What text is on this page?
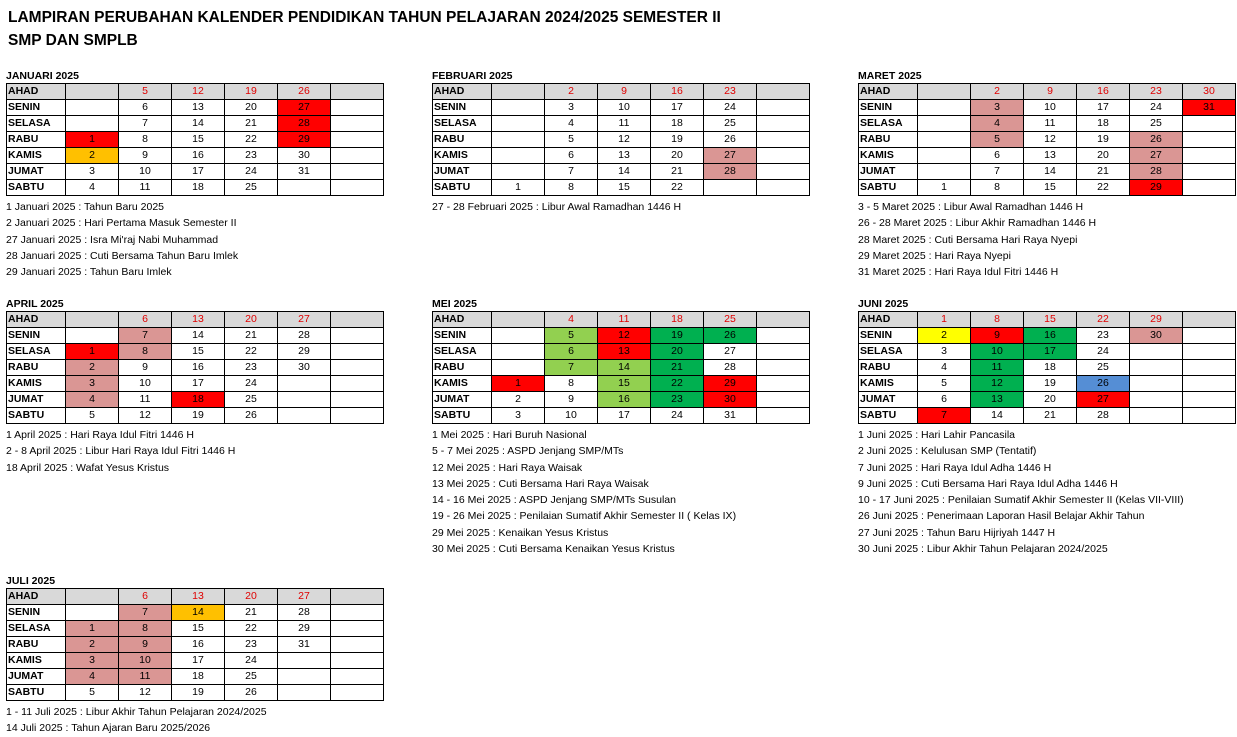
LAMPIRAN PERUBAHAN KALENDER PENDIDIKAN TAHUN PELAJARAN 2024/2025 SEMESTER II
SMP DAN SMPLB
JANUARI 2025
AHAD		5	12	19	26	
SENIN		6	13	20	27	
SELASA		7	14	21	28	
RABU	1	8	15	22	29	
KAMIS	2	9	16	23	30	
JUMAT	3	10	17	24	31	
SABTU	4	11	18	25		
1 Januari 2025 : Tahun Baru 2025
2 Januari 2025 : Hari Pertama Masuk Semester II
27 Januari 2025 : Isra Mi'raj Nabi Muhammad
28 Januari 2025 : Cuti Bersama Tahun Baru Imlek
29 Januari 2025 : Tahun Baru Imlek
FEBRUARI 2025
AHAD		2	9	16	23	
SENIN		3	10	17	24	
SELASA		4	11	18	25	
RABU		5	12	19	26	
KAMIS		6	13	20	27	
JUMAT		7	14	21	28	
SABTU	1	8	15	22		
27 - 28 Februari 2025 : Libur Awal Ramadhan 1446 H
MARET 2025
AHAD		2	9	16	23	30
SENIN		3	10	17	24	31
SELASA		4	11	18	25	
RABU		5	12	19	26	
KAMIS		6	13	20	27	
JUMAT		7	14	21	28	
SABTU	1	8	15	22	29	
3 - 5 Maret 2025 : Libur Awal Ramadhan 1446 H
26 - 28 Maret 2025 : Libur Akhir Ramadhan 1446 H
28 Maret 2025 : Cuti Bersama Hari Raya Nyepi
29 Maret 2025 : Hari Raya Nyepi
31 Maret 2025 : Hari Raya Idul Fitri 1446 H
APRIL 2025
AHAD		6	13	20	27	
SENIN		7	14	21	28	
SELASA	1	8	15	22	29	
RABU	2	9	16	23	30	
KAMIS	3	10	17	24		
JUMAT	4	11	18	25		
SABTU	5	12	19	26		
1 April 2025 : Hari Raya Idul Fitri 1446 H
2 - 8 April 2025 : Libur Hari Raya Idul Fitri 1446 H
18 April 2025 : Wafat Yesus Kristus
MEI 2025
AHAD		4	11	18	25	
SENIN		5	12	19	26	
SELASA		6	13	20	27	
RABU		7	14	21	28	
KAMIS	1	8	15	22	29	
JUMAT	2	9	16	23	30	
SABTU	3	10	17	24	31	
1 Mei 2025 : Hari Buruh Nasional
5 - 7 Mei 2025 : ASPD Jenjang SMP/MTs
12 Mei 2025 : Hari Raya Waisak
13 Mei 2025 : Cuti Bersama Hari Raya Waisak
14 - 16 Mei 2025 : ASPD Jenjang SMP/MTs Susulan
19 - 26 Mei 2025 : Penilaian Sumatif Akhir Semester II ( Kelas IX)
29 Mei 2025 : Kenaikan Yesus Kristus
30 Mei 2025 : Cuti Bersama Kenaikan Yesus Kristus
JUNI 2025
AHAD	1	8	15	22	29	
SENIN	2	9	16	23	30	
SELASA	3	10	17	24		
RABU	4	11	18	25		
KAMIS	5	12	19	26		
JUMAT	6	13	20	27		
SABTU	7	14	21	28		
1 Juni 2025 : Hari Lahir Pancasila
2 Juni 2025 : Kelulusan SMP (Tentatif)
7 Juni 2025 : Hari Raya Idul Adha 1446 H
9 Juni 2025 : Cuti Bersama Hari Raya Idul Adha 1446 H
10 - 17 Juni 2025 : Penilaian Sumatif Akhir Semester II (Kelas VII-VIII)
26 Juni 2025 : Penerimaan Laporan Hasil Belajar Akhir Tahun
27 Juni 2025 : Tahun Baru Hijriyah 1447 H
30 Juni 2025 : Libur Akhir Tahun Pelajaran 2024/2025
JULI 2025
AHAD		6	13	20	27	
SENIN		7	14	21	28	
SELASA	1	8	15	22	29	
RABU	2	9	16	23	31	
KAMIS	3	10	17	24		
JUMAT	4	11	18	25		
SABTU	5	12	19	26		
1 - 11 Juli 2025 : Libur Akhir Tahun Pelajaran 2024/2025
14 Juli 2025 : Tahun Ajaran Baru 2025/2026
